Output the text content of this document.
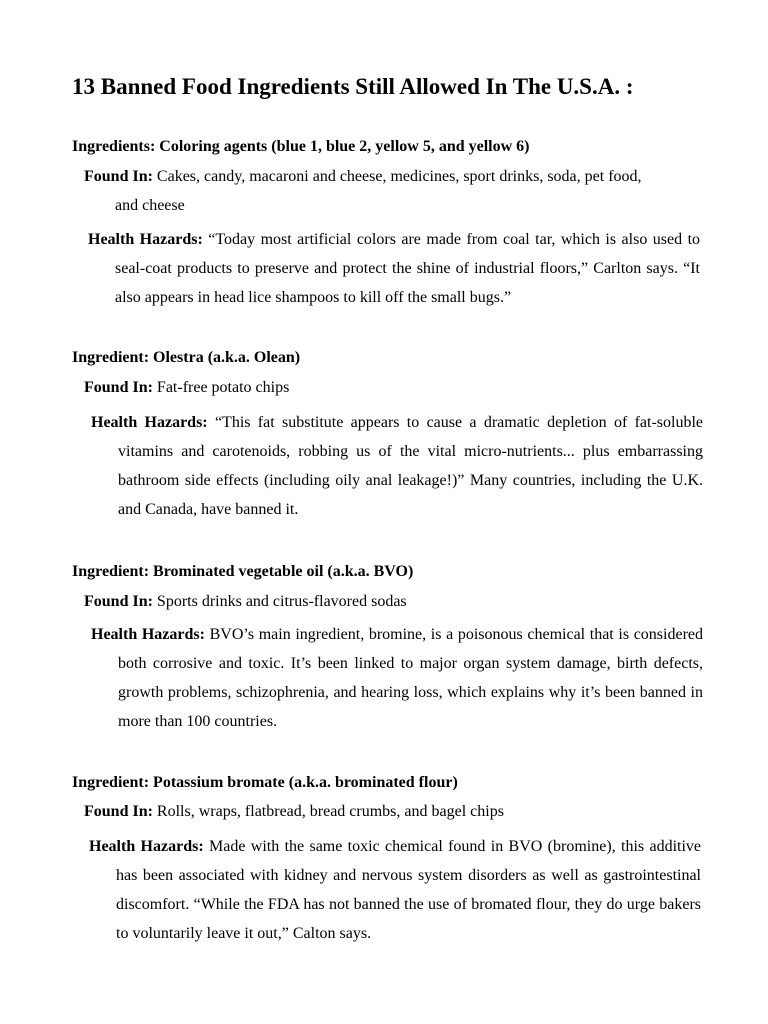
13 Banned Food Ingredients Still Allowed In The U.S.A. :
Ingredients: Coloring agents (blue 1, blue 2, yellow 5, and yellow 6)
Found In: Cakes, candy, macaroni and cheese, medicines, sport drinks, soda, pet food,
and cheese
Health Hazards: “Today most artificial colors are made from coal tar, which is also used to seal-coat products to preserve and protect the shine of industrial floors,” Carlton says. “It also appears in head lice shampoos to kill off the small bugs.”
Ingredient: Olestra (a.k.a. Olean)
Found In: Fat-free potato chips
Health Hazards: “This fat substitute appears to cause a dramatic depletion of fat-soluble vitamins and carotenoids, robbing us of the vital micro-nutrients... plus embarrassing bathroom side effects (including oily anal leakage!)” Many countries, including the U.K. and Canada, have banned it.
Ingredient: Brominated vegetable oil (a.k.a. BVO)
Found In: Sports drinks and citrus-flavored sodas
Health Hazards: BVO’s main ingredient, bromine, is a poisonous chemical that is considered both corrosive and toxic. It’s been linked to major organ system damage, birth defects, growth problems, schizophrenia, and hearing loss, which explains why it’s been banned in more than 100 countries.
Ingredient: Potassium bromate (a.k.a. brominated flour)
Found In: Rolls, wraps, flatbread, bread crumbs, and bagel chips
Health Hazards: Made with the same toxic chemical found in BVO (bromine), this additive has been associated with kidney and nervous system disorders as well as gastrointestinal discomfort. “While the FDA has not banned the use of bromated flour, they do urge bakers to voluntarily leave it out,” Calton says.
